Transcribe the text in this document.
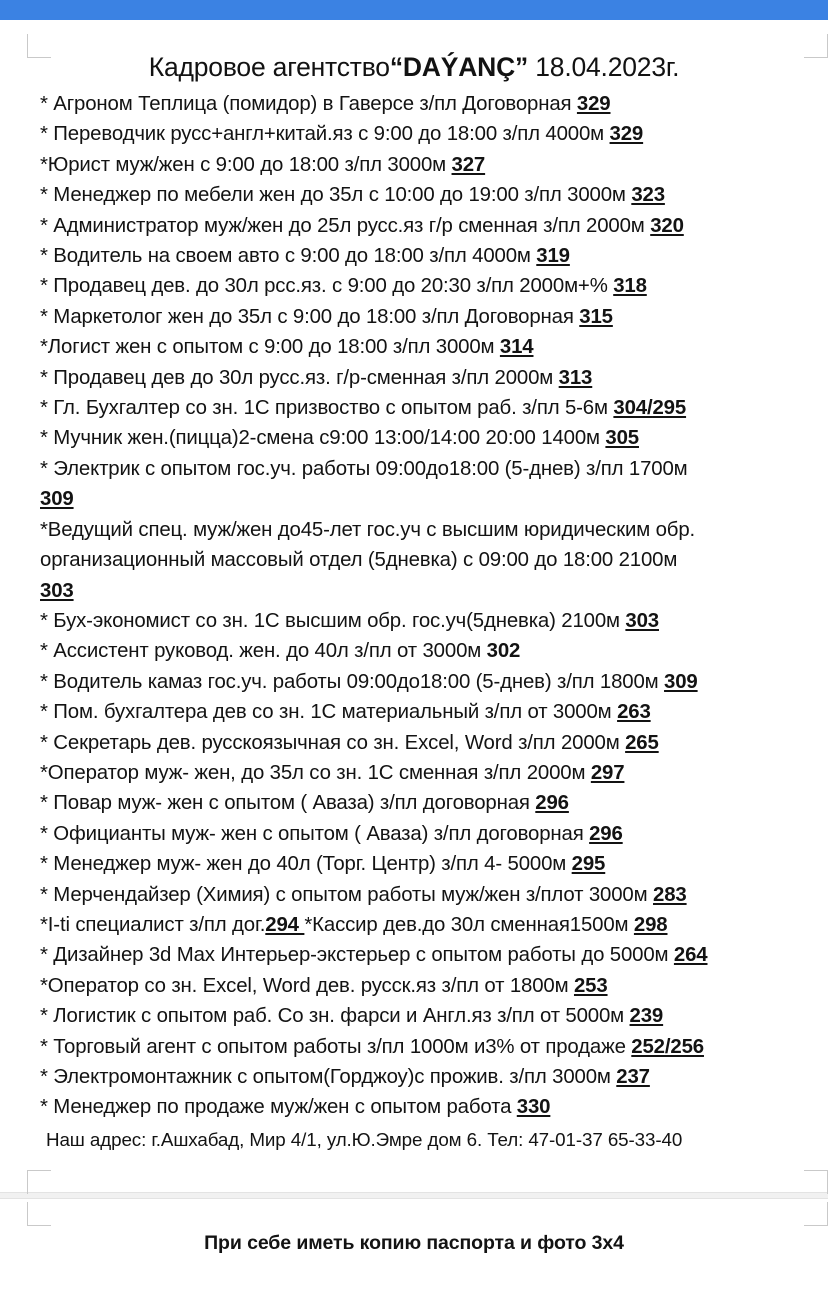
Кадровое агентство“DAÝANÇ” 18.04.2023г.
* Агроном Теплица (помидор) в Гаверсе з/пл Договорная 329
* Переводчик русс+англ+китай.яз с 9:00 до 18:00 з/пл 4000м 329
*Юрист муж/жен с 9:00 до 18:00 з/пл 3000м 327
* Менеджер по мебели жен до 35л с 10:00 до 19:00 з/пл 3000м 323
* Администратор муж/жен до 25л русс.яз г/р сменная з/пл 2000м 320
* Водитель на своем авто с 9:00 до 18:00 з/пл 4000м 319
* Продавец дев. до 30л рсс.яз. с 9:00 до 20:30 з/пл 2000м+% 318
* Маркетолог жен до 35л с 9:00 до 18:00 з/пл Договорная 315
*Логист жен с опытом с 9:00 до 18:00 з/пл 3000м 314
* Продавец дев до 30л русс.яз. г/р-сменная з/пл 2000м 313
* Гл. Бухгалтер со зн. 1С призвоство с опытом раб. з/пл 5-6м 304/295
* Мучник жен.(пицца)2-смена с9:00 13:00/14:00 20:00 1400м 305
* Электрик с опытом гос.уч. работы 09:00до18:00 (5-днев) з/пл 1700м
309
*Ведущий спец. муж/жен до45-лет гос.уч с высшим юридическим обр.
организационный массовый отдел (5дневка) с 09:00 до 18:00 2100м
303
* Бух-экономист со зн. 1С высшим обр. гос.уч(5дневка) 2100м 303
* Ассистент руковод. жен. до 40л з/пл от 3000м 302
* Водитель камаз гос.уч. работы 09:00до18:00 (5-днев) з/пл 1800м 309
* Пом. бухгалтера дев со зн. 1С материальный з/пл от 3000м 263
* Секретарь дев. русскоязычная со зн. Excel, Word з/пл 2000м 265
*Оператор муж- жен, до 35л со зн. 1С сменная з/пл 2000м 297
* Повар муж- жен с опытом ( Аваза) з/пл договорная 296
* Официанты муж- жен с опытом ( Аваза) з/пл договорная 296
* Менеджер муж- жен до 40л (Торг. Центр) з/пл 4- 5000м 295
* Мерчендайзер (Химия) с опытом работы муж/жен з/плот 3000м 283
*I-ti специалист з/пл дог.294 *Кассир дев.до 30л сменная1500м 298
* Дизайнер 3d Max Интерьер-экстерьер с опытом работы до 5000м 264
*Оператор со зн. Excel, Word дев. русск.яз з/пл от 1800м 253
* Логистик с опытом раб. Со зн. фарси и Англ.яз з/пл от 5000м 239
* Торговый агент с опытом работы з/пл 1000м и3% от продаже 252/256
* Электромонтажник с опытом(Горджоу)с прожив. з/пл 3000м 237
* Менеджер по продаже муж/жен с опытом работа 330
Наш адрес: г.Ашхабад, Мир 4/1, ул.Ю.Эмре дом 6. Тел: 47-01-37 65-33-40
При себе иметь копию паспорта и фото 3х4
